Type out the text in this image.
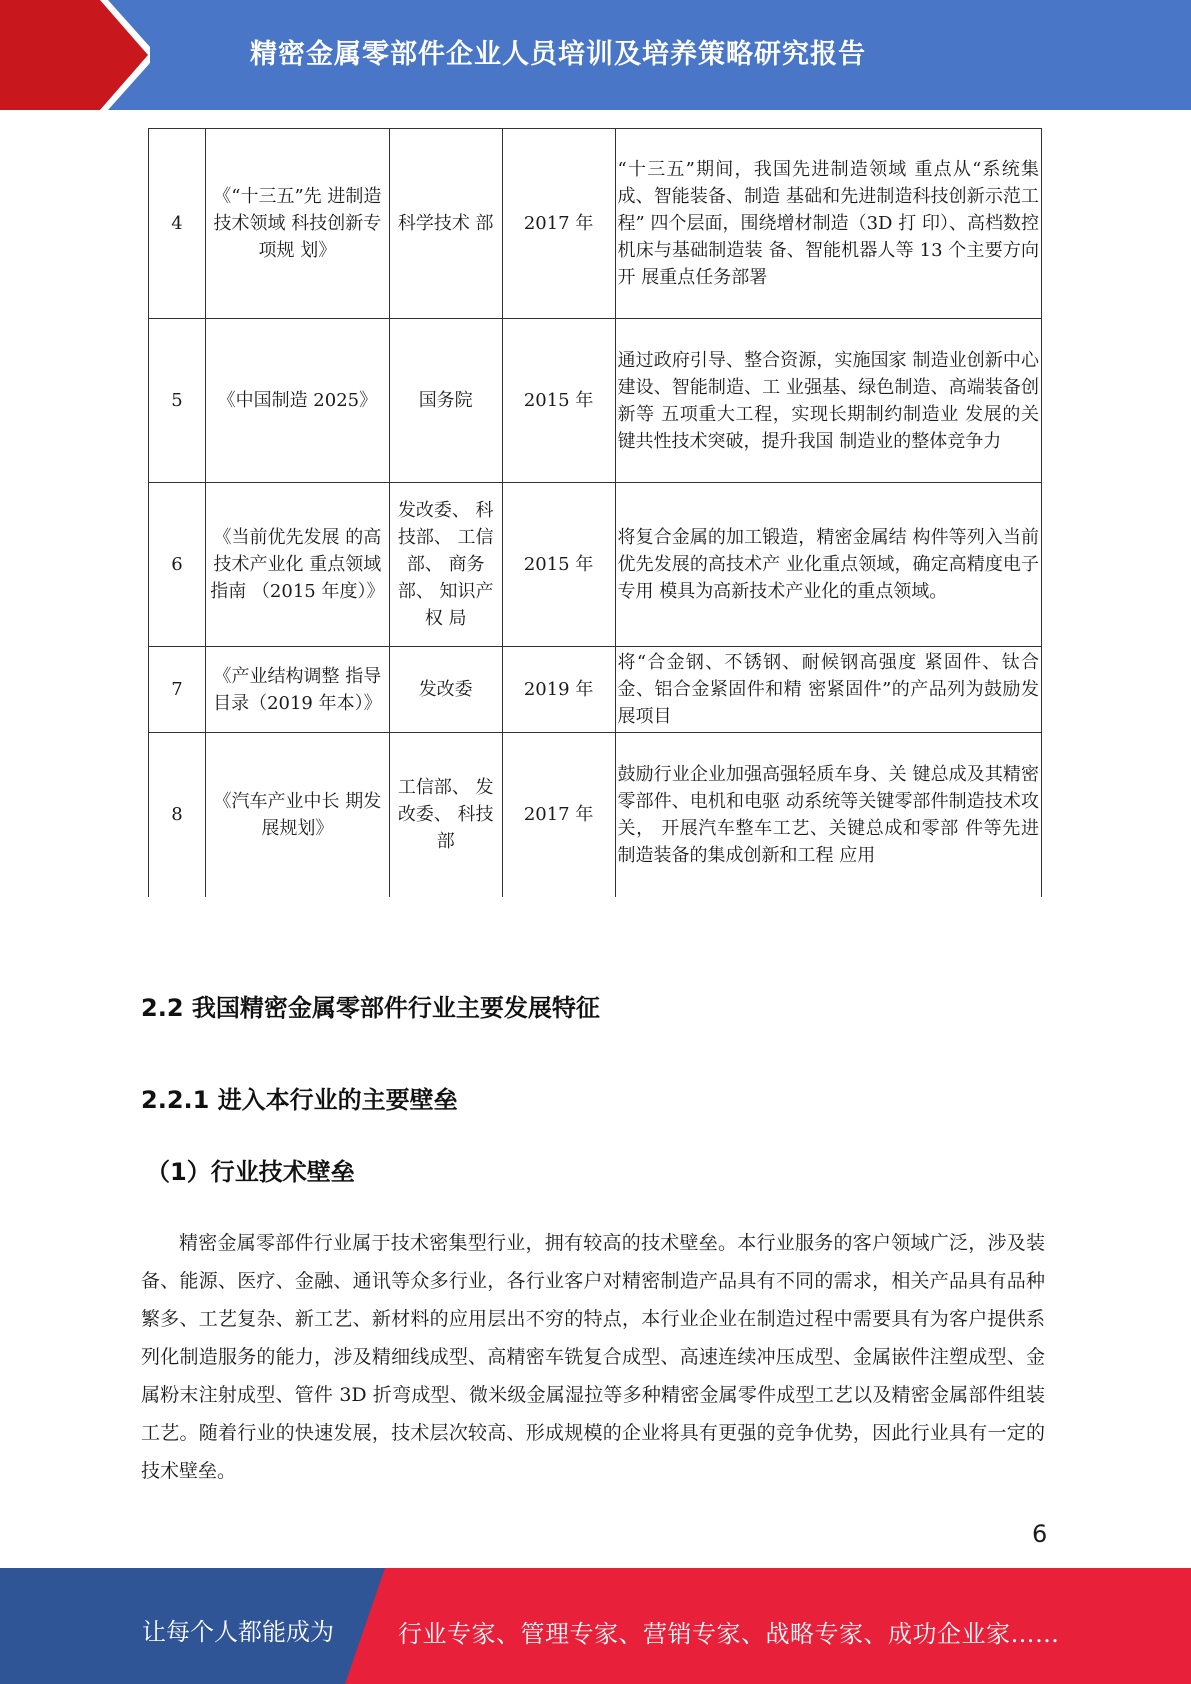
精密金属零部件企业人员培训及培养策略研究报告
4	《“十三五”先 进制造技术领域 科技创新专项规 划》	科学技术 部	2017 年	“十三五”期间，我国先进制造领域 重点从“系统集成、智能装备、制造 基础和先进制造科技创新示范工程” 四个层面，围绕增材制造（3D 打 印）、高档数控机床与基础制造装 备、智能机器人等 13 个主要方向开 展重点任务部署
5	《中国制造 2025》	国务院	2015 年	通过政府引导、整合资源，实施国家 制造业创新中心建设、智能制造、工 业强基、绿色制造、高端装备创新等 五项重大工程，实现长期制约制造业 发展的关键共性技术突破，提升我国 制造业的整体竞争力
6	《当前优先发展 的高技术产业化 重点领域指南 （2015 年度）》	发改委、 科技部、 工信部、 商务部、 知识产权 局	2015 年	将复合金属的加工锻造，精密金属结 构件等列入当前优先发展的高技术产 业化重点领域，确定高精度电子专用 模具为高新技术产业化的重点领域。
7	《产业结构调整 指导目录（2019 年本）》	发改委	2019 年	将“合金钢、不锈钢、耐候钢高强度 紧固件、钛合金、铝合金紧固件和精 密紧固件”的产品列为鼓励发展项目
8	《汽车产业中长 期发展规划》	工信部、 发改委、 科技 部	2017 年	鼓励行业企业加强高强轻质车身、关 键总成及其精密零部件、电机和电驱 动系统等关键零部件制造技术攻关， 开展汽车整车工艺、关键总成和零部 件等先进制造装备的集成创新和工程 应用
2.2 我国精密金属零部件行业主要发展特征
2.2.1 进入本行业的主要壁垒
（1）行业技术壁垒

精密金属零部件行业属于技术密集型行业，拥有较高的技术壁垒。本行业服务的客户领域广泛，涉及装备、能源、医疗、金融、通讯等众多行业，各行业客户对精密制造产品具有不同的需求，相关产品具有品种繁多、工艺复杂、新工艺、新材料的应用层出不穷的特点，本行业企业在制造过程中需要具有为客户提供系列化制造服务的能力，涉及精细线成型、高精密车铣复合成型、高速连续冲压成型、金属嵌件注塑成型、金属粉末注射成型、管件 3D 折弯成型、微米级金属湿拉等多种精密金属零件成型工艺以及精密金属部件组装工艺。随着行业的快速发展，技术层次较高、形成规模的企业将具有更强的竞争优势，因此行业具有一定的技术壁垒。

6
让每个人都能成为	行业专家、管理专家、营销专家、战略专家、成功企业家……
